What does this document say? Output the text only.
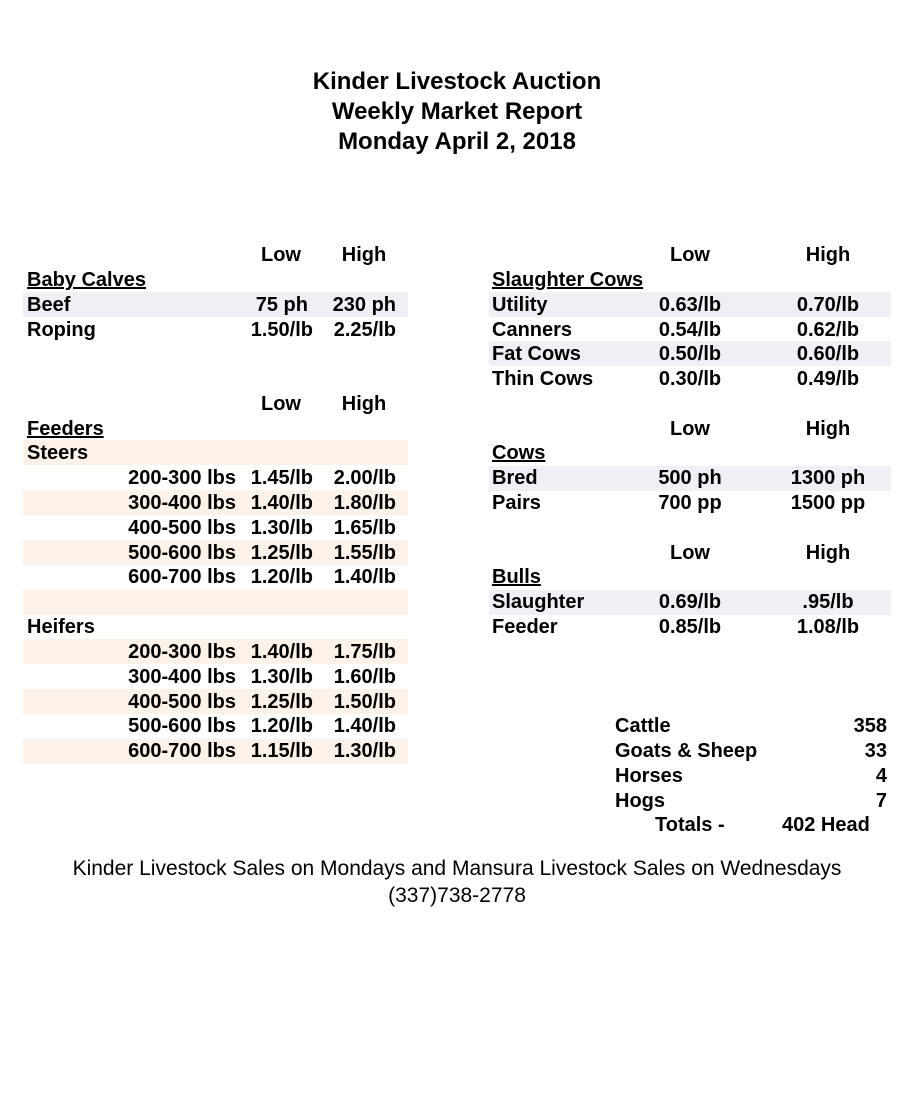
Kinder Livestock Auction
Weekly Market Report
Monday April 2, 2018
Low	High
Baby Calves
Beef	75 ph	230 ph
Roping	1.50/lb	2.25/lb
Low	High
Feeders
Steers
200-300 lbs 1.45/lb	2.00/lb
300-400 lbs 1.40/lb	1.80/lb
400-500 lbs 1.30/lb	1.65/lb
500-600 lbs 1.25/lb	1.55/lb
600-700 lbs 1.20/lb	1.40/lb
Heifers
200-300 lbs 1.40/lb	1.75/lb
300-400 lbs 1.30/lb	1.60/lb
400-500 lbs 1.25/lb	1.50/lb
500-600 lbs 1.20/lb	1.40/lb
600-700 lbs 1.15/lb	1.30/lb
Low	High
Slaughter Cows
Utility	0.63/lb	0.70/lb
Canners	0.54/lb	0.62/lb
Fat Cows	0.50/lb	0.60/lb
Thin Cows	0.30/lb	0.49/lb
Low	High
Cows
Bred	500 ph	1300 ph
Pairs	700 pp	1500 pp
Low	High
Bulls
Slaughter	0.69/lb	.95/lb
Feeder	0.85/lb	1.08/lb
Cattle	358
Goats & Sheep	33
Horses	4
Hogs	7
Totals -	402 Head
Kinder Livestock Sales on Mondays and Mansura Livestock Sales on Wednesdays
(337)738-2778
